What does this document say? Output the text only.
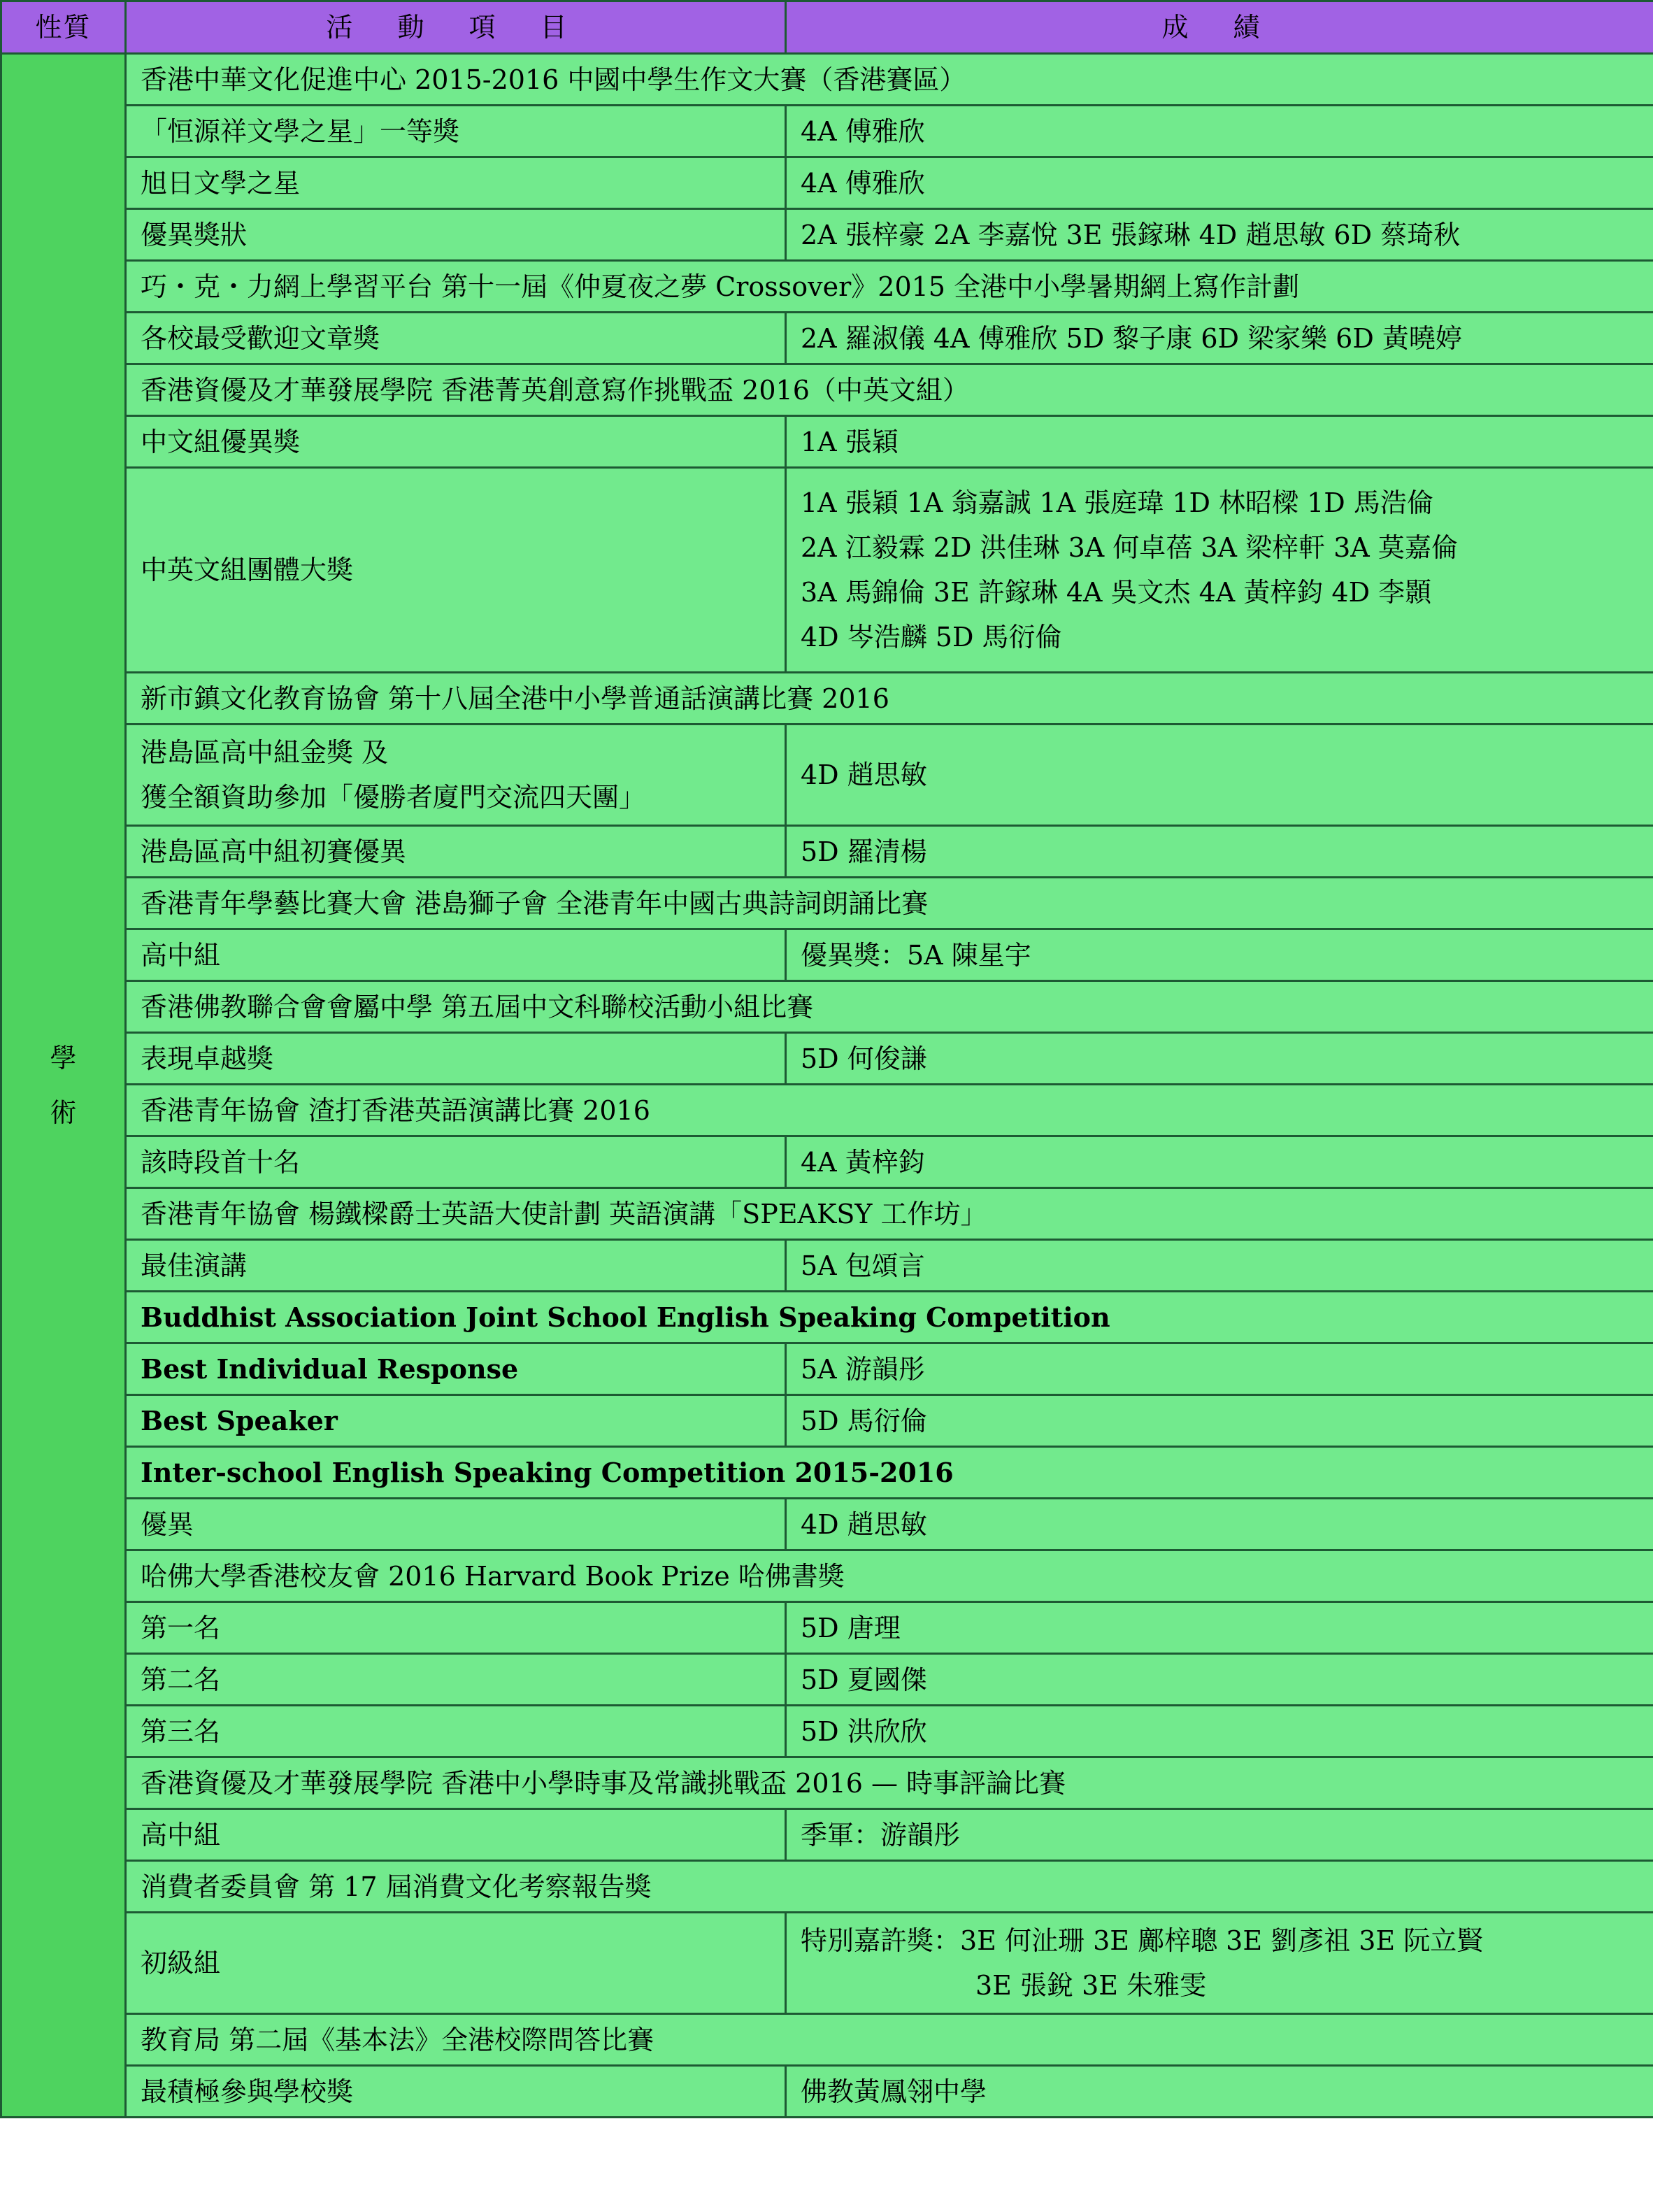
性質	活 動 項 目	成 績

學
術	香港中華文化促進中心 2015-2016 中國中學生作文大賽（香港賽區）	

	「恒源祥文學之星」一等獎	4A 傅雅欣

	旭日文學之星	4A 傅雅欣

	優異獎狀	2A 張梓豪 2A 李嘉悅 3E 張鎵琳 4D 趙思敏 6D 蔡琦秋

	巧・克・力網上學習平台 第十一屆《仲夏夜之夢 Crossover》2015 全港中小學暑期網上寫作計劃	

	各校最受歡迎文章獎	2A 羅淑儀 4A 傅雅欣 5D 黎子康 6D 梁家樂 6D 黃曉婷

	香港資優及才華發展學院 香港菁英創意寫作挑戰盃 2016（中英文組）	

	中文組優異獎	1A 張穎

	中英文組團體大獎	1A 張穎 1A 翁嘉誠 1A 張庭瑋 1D 林昭樑 1D 馬浩倫
2A 江毅霖 2D 洪佳琳 3A 何卓蓓 3A 梁梓軒 3A 莫嘉倫
3A 馬錦倫 3E 許鎵琳 4A 吳文杰 4A 黃梓鈞 4D 李顥
4D 岑浩麟 5D 馬衍倫

	新市鎮文化教育協會 第十八屆全港中小學普通話演講比賽 2016	

	港島區高中組金獎 及
獲全額資助參加「優勝者廈門交流四天團」	4D 趙思敏

	港島區高中組初賽優異	5D 羅清楊

	香港青年學藝比賽大會 港島獅子會 全港青年中國古典詩詞朗誦比賽	

	高中組	優異獎：5A 陳星宇

	香港佛教聯合會會屬中學 第五屆中文科聯校活動小組比賽	

	表現卓越獎	5D 何俊謙

	香港青年協會 渣打香港英語演講比賽 2016	

	該時段首十名	4A 黃梓鈞

	香港青年協會 楊鐵樑爵士英語大使計劃 英語演講「SPEAKSY 工作坊」	

	最佳演講	5A 包頌言

	Buddhist Association Joint School English Speaking Competition	

	Best Individual Response	5A 游韻彤

	Best Speaker	5D 馬衍倫

	Inter-school English Speaking Competition 2015-2016	

	優異	4D 趙思敏

	哈佛大學香港校友會 2016 Harvard Book Prize 哈佛書獎	

	第一名	5D 唐理

	第二名	5D 夏國傑

	第三名	5D 洪欣欣

	香港資優及才華發展學院 香港中小學時事及常識挑戰盃 2016 — 時事評論比賽	

	高中組	季軍：游韻彤

	消費者委員會 第 17 屆消費文化考察報告獎	

	初級組	特別嘉許獎：3E 何沚珊 3E 鄺梓聰 3E 劉彥祖 3E 阮立賢
3E 張銳 3E 朱雅雯

	教育局 第二屆《基本法》全港校際問答比賽	

	最積極參與學校獎	佛教黃鳳翎中學
